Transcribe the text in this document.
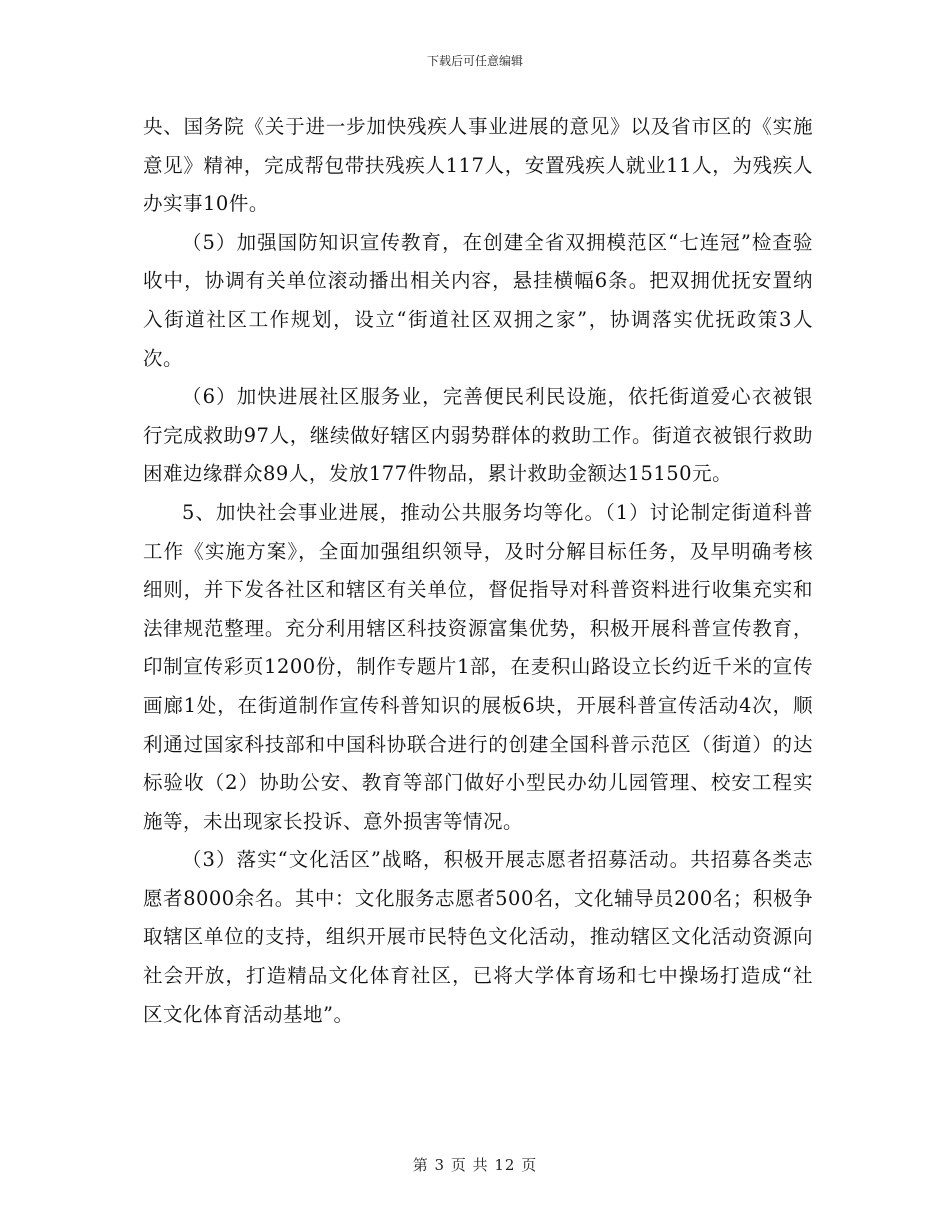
下载后可任意编辑

央、国务院《关于进一步加快残疾人事业进展的意见》以及省市区的《实施意见》精神，完成帮包带扶残疾人117人，安置残疾人就业11人，为残疾人办实事10件。

（5）加强国防知识宣传教育，在创建全省双拥模范区“七连冠”检查验收中，协调有关单位滚动播出相关内容，悬挂横幅6条。把双拥优抚安置纳入街道社区工作规划，设立“街道社区双拥之家”，协调落实优抚政策3人次。

（6）加快进展社区服务业，完善便民利民设施，依托街道爱心衣被银行完成救助97人，继续做好辖区内弱势群体的救助工作。街道衣被银行救助困难边缘群众89人，发放177件物品，累计救助金额达15150元。

5、加快社会事业进展，推动公共服务均等化。（1）讨论制定街道科普工作《实施方案》，全面加强组织领导，及时分解目标任务，及早明确考核细则，并下发各社区和辖区有关单位，督促指导对科普资料进行收集充实和法律规范整理。充分利用辖区科技资源富集优势，积极开展科普宣传教育，印制宣传彩页1200份，制作专题片1部，在麦积山路设立长约近千米的宣传画廊1处，在街道制作宣传科普知识的展板6块，开展科普宣传活动4次，顺利通过国家科技部和中国科协联合进行的创建全国科普示范区（街道）的达标验收（2）协助公安、教育等部门做好小型民办幼儿园管理、校安工程实施等，未出现家长投诉、意外损害等情况。

（3）落实“文化活区”战略，积极开展志愿者招募活动。共招募各类志愿者8000余名。其中：文化服务志愿者500名，文化辅导员200名；积极争取辖区单位的支持，组织开展市民特色文化活动，推动辖区文化活动资源向社会开放，打造精品文化体育社区，已将大学体育场和七中操场打造成“社区文化体育活动基地”。

第 3 页 共 12 页
